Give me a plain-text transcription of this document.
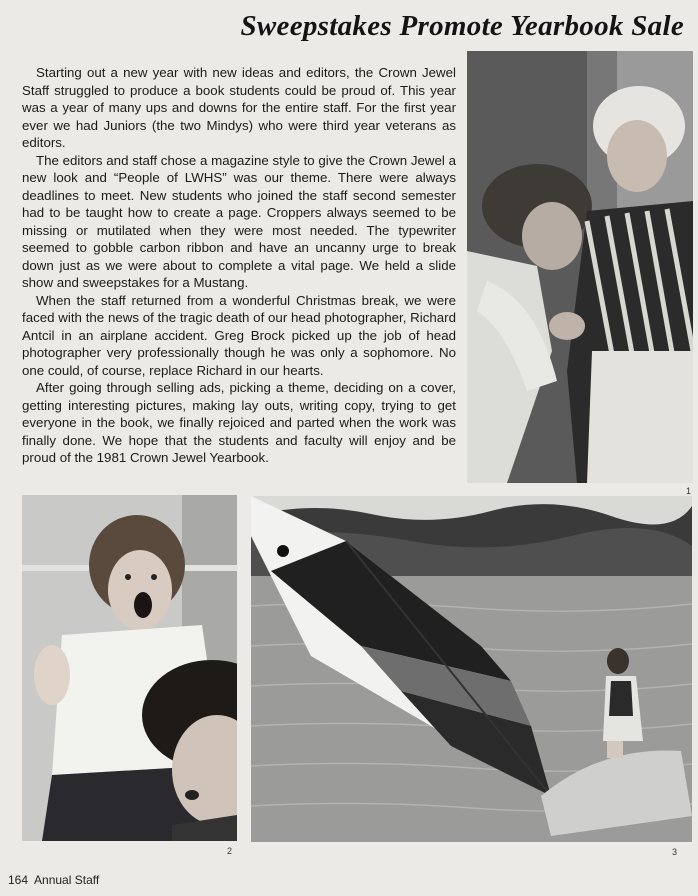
Sweepstakes Promote Yearbook Sale

Starting out a new year with new ideas and editors, the Crown Jewel Staff struggled to produce a book students could be proud of. This year was a year of many ups and downs for the entire staff. For the first year ever we had Juniors (the two Mindys) who were third year veterans as editors.

The editors and staff chose a magazine style to give the Crown Jewel a new look and “People of LWHS” was our theme. There were always deadlines to meet. New students who joined the staff second semester had to be taught how to create a page. Croppers always seemed to be missing or mutilated when they were most needed. The typewriter seemed to gobble carbon ribbon and have an uncanny urge to break down just as we were about to complete a vital page. We held a slide show and sweepstakes for a Mustang.

When the staff returned from a wonderful Christmas break, we were faced with the news of the tragic death of our head photographer, Richard Antcil in an airplane accident. Greg Brock picked up the job of head photographer very professionally though he was only a sophomore. No one could, of course, replace Richard in our hearts.

After going through selling ads, picking a theme, deciding on a cover, getting interesting pictures, making lay outs, writing copy, trying to get everyone in the book, we finally rejoiced and parted when the work was finally done. We hope that the students and faculty will enjoy and be proud of the 1981 Crown Jewel Yearbook.

1
2	3
164 Annual Staff
